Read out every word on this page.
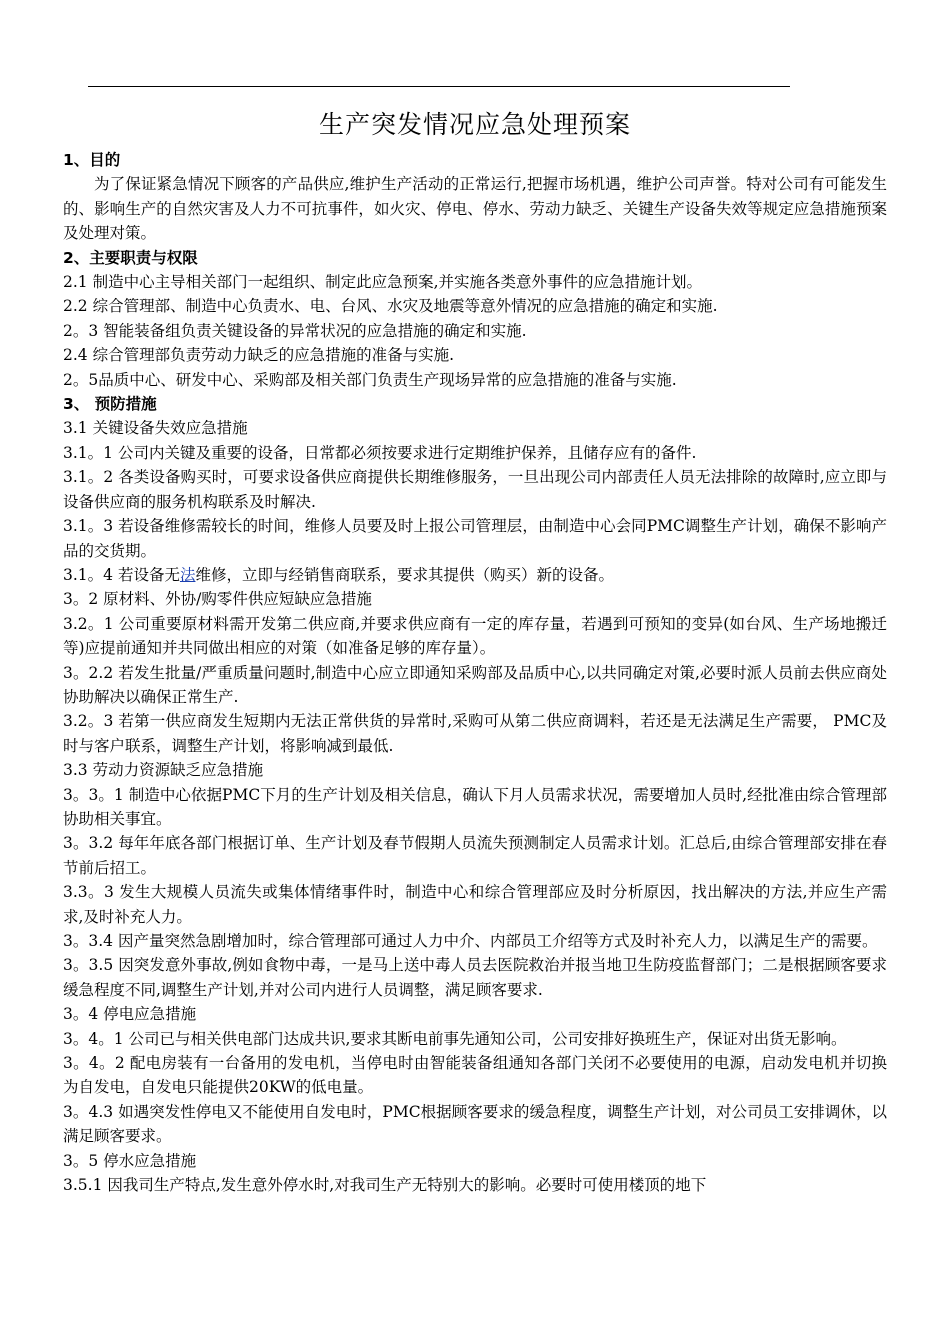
生产突发情况应急处理预案

1、目的

为了保证紧急情况下顾客的产品供应,维护生产活动的正常运行,把握市场机遇，维护公司声誉。特对公司有可能发生的、影响生产的自然灾害及人力不可抗事件，如火灾、停电、停水、劳动力缺乏、关键生产设备失效等规定应急措施预案及处理对策。

2、主要职责与权限

2.1 制造中心主导相关部门一起组织、制定此应急预案,并实施各类意外事件的应急措施计划。

2.2 综合管理部、制造中心负责水、电、台风、水灾及地震等意外情况的应急措施的确定和实施.

2。3 智能装备组负责关键设备的异常状况的应急措施的确定和实施.

2.4 综合管理部负责劳动力缺乏的应急措施的准备与实施.

2。5品质中心、研发中心、采购部及相关部门负责生产现场异常的应急措施的准备与实施.

3、 预防措施

3.1 关键设备失效应急措施

3.1。1 公司内关键及重要的设备，日常都必须按要求进行定期维护保养，且储存应有的备件.

3.1。2 各类设备购买时，可要求设备供应商提供长期维修服务，一旦出现公司内部责任人员无法排除的故障时,应立即与设备供应商的服务机构联系及时解决.

3.1。3 若设备维修需较长的时间，维修人员要及时上报公司管理层，由制造中心会同PMC调整生产计划，确保不影响产品的交货期。

3.1。4 若设备无法维修，立即与经销售商联系，要求其提供（购买）新的设备。

3。2 原材料、外协/购零件供应短缺应急措施

3.2。1 公司重要原材料需开发第二供应商,并要求供应商有一定的库存量，若遇到可预知的变异(如台风、生产场地搬迁等)应提前通知并共同做出相应的对策（如准备足够的库存量）。

3。2.2 若发生批量/严重质量问题时,制造中心应立即通知采购部及品质中心,以共同确定对策,必要时派人员前去供应商处协助解决以确保正常生产.

3.2。3 若第一供应商发生短期内无法正常供货的异常时,采购可从第二供应商调料，若还是无法满足生产需要， PMC及时与客户联系，调整生产计划，将影响减到最低.

3.3 劳动力资源缺乏应急措施

3。3。1 制造中心依据PMC下月的生产计划及相关信息，确认下月人员需求状况，需要增加人员时,经批准由综合管理部协助相关事宜。

3。3.2 每年年底各部门根据订单、生产计划及春节假期人员流失预测制定人员需求计划。汇总后,由综合管理部安排在春节前后招工。

3.3。3 发生大规模人员流失或集体情绪事件时，制造中心和综合管理部应及时分析原因，找出解决的方法,并应生产需求,及时补充人力。

3。3.4 因产量突然急剧增加时，综合管理部可通过人力中介、内部员工介绍等方式及时补充人力，以满足生产的需要。

3。3.5 因突发意外事故,例如食物中毒，一是马上送中毒人员去医院救治并报当地卫生防疫监督部门；二是根据顾客要求缓急程度不同,调整生产计划,并对公司内进行人员调整，满足顾客要求.

3。4 停电应急措施

3。4。1 公司已与相关供电部门达成共识,要求其断电前事先通知公司，公司安排好换班生产，保证对出货无影响。

3。4。2 配电房装有一台备用的发电机，当停电时由智能装备组通知各部门关闭不必要使用的电源，启动发电机并切换为自发电，自发电只能提供20KW的低电量。

3。4.3 如遇突发性停电又不能使用自发电时，PMC根据顾客要求的缓急程度，调整生产计划，对公司员工安排调休，以满足顾客要求。

3。5 停水应急措施

3.5.1 因我司生产特点,发生意外停水时,对我司生产无特别大的影响。必要时可使用楼顶的地下
